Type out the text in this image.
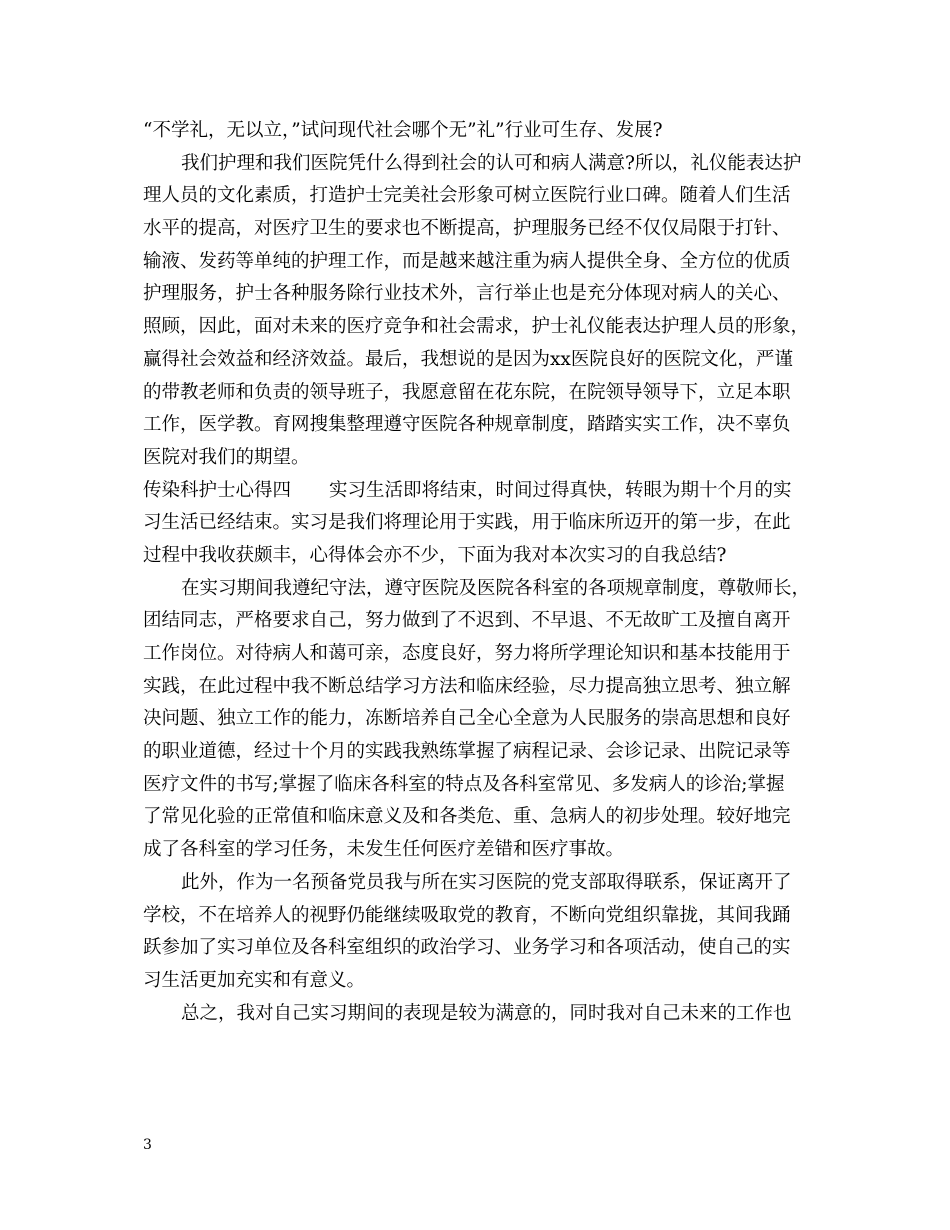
“不学礼，无以立，”试问现代社会哪个无”礼”行业可生存、发展?
我们护理和我们医院凭什么得到社会的认可和病人满意?所以，礼仪能表达护
理人员的文化素质，打造护士完美社会形象可树立医院行业口碑。随着人们生活
水平的提高，对医疗卫生的要求也不断提高，护理服务已经不仅仅局限于打针、
输液、发药等单纯的护理工作，而是越来越注重为病人提供全身、全方位的优质
护理服务，护士各种服务除行业技术外，言行举止也是充分体现对病人的关心、
照顾，因此，面对未来的医疗竞争和社会需求，护士礼仪能表达护理人员的形象，
赢得社会效益和经济效益。最后，我想说的是因为xx医院良好的医院文化，严谨
的带教老师和负责的领导班子，我愿意留在花东院，在院领导领导下，立足本职
工作，医学教。育网搜集整理遵守医院各种规章制度，踏踏实实工作，决不辜负
医院对我们的期望。
传染科护士心得四 实习生活即将结束，时间过得真快，转眼为期十个月的实
习生活已经结束。实习是我们将理论用于实践，用于临床所迈开的第一步，在此
过程中我收获颇丰，心得体会亦不少，下面为我对本次实习的自我总结?
在实习期间我遵纪守法，遵守医院及医院各科室的各项规章制度，尊敬师长，
团结同志，严格要求自己，努力做到了不迟到、不早退、不无故旷工及擅自离开
工作岗位。对待病人和蔼可亲，态度良好，努力将所学理论知识和基本技能用于
实践，在此过程中我不断总结学习方法和临床经验，尽力提高独立思考、独立解
决问题、独立工作的能力，冻断培养自己全心全意为人民服务的崇高思想和良好
的职业道德，经过十个月的实践我熟练掌握了病程记录、会诊记录、出院记录等
医疗文件的书写;掌握了临床各科室的特点及各科室常见、多发病人的诊治;掌握
了常见化验的正常值和临床意义及和各类危、重、急病人的初步处理。较好地完
成了各科室的学习任务，未发生任何医疗差错和医疗事故。
此外，作为一名预备党员我与所在实习医院的党支部取得联系，保证离开了
学校，不在培养人的视野仍能继续吸取党的教育，不断向党组织靠拢，其间我踊
跃参加了实习单位及各科室组织的政治学习、业务学习和各项活动，使自己的实
习生活更加充实和有意义。
总之，我对自己实习期间的表现是较为满意的，同时我对自己未来的工作也
3
